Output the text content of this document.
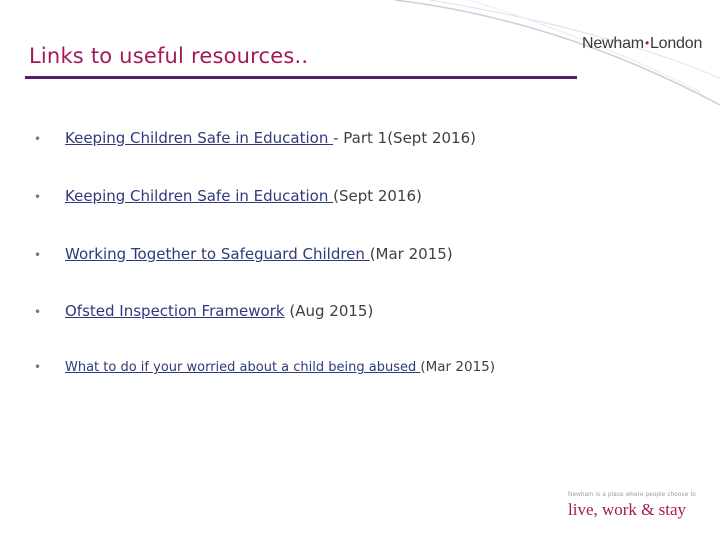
Links to useful resources..
Newham•London
• Keeping Children Safe in Education - Part 1(Sept 2016)
• Keeping Children Safe in Education (Sept 2016)
• Working Together to Safeguard Children (Mar 2015)
• Ofsted Inspection Framework (Aug 2015)
• What to do if your worried about a child being abused (Mar 2015)
Newham is a place where people choose to
live, work & stay
